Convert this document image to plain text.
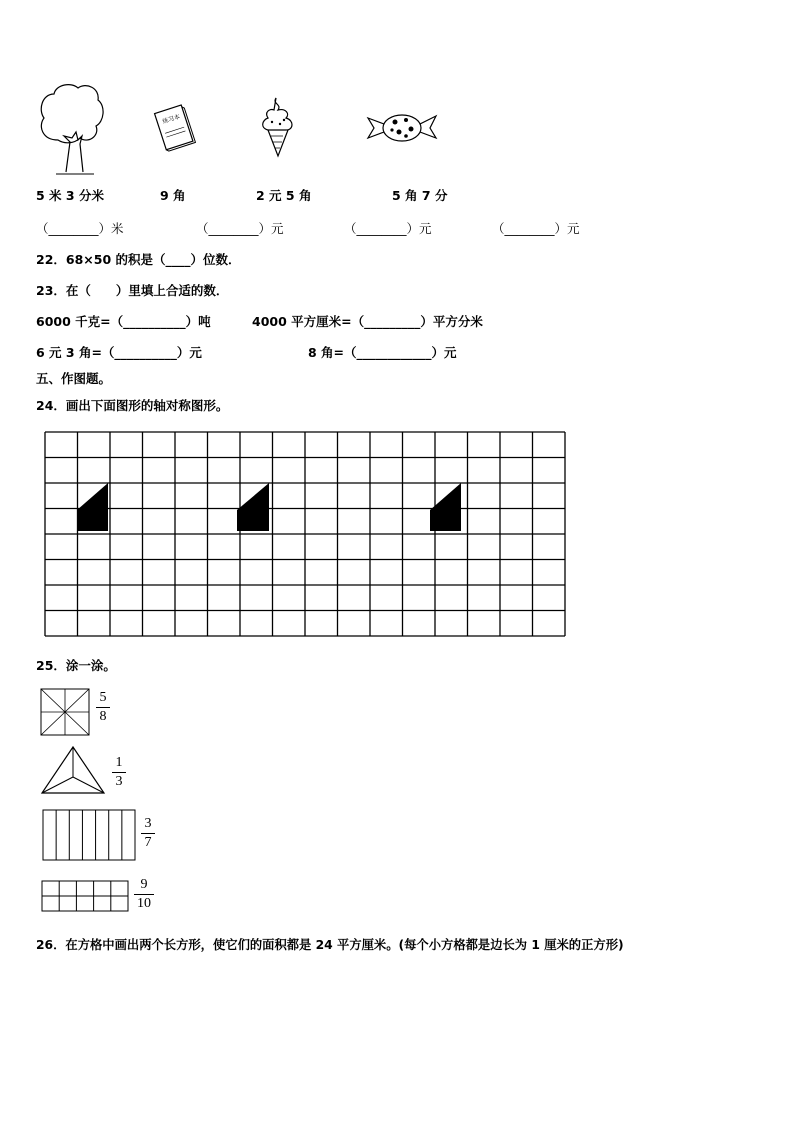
练习本
5 米 3 分米	9 角	2 元 5 角	5 角 7 分
（________）米	（________）元	（________）元	（________）元
22．68×50 的积是（____）位数．
23．在（　　）里填上合适的数．
6000 千克=（__________）吨	4000 平方厘米=（_________）平方分米
6 元 3 角=（__________）元	8 角=（____________）元
五、作图题。
24．画出下面图形的轴对称图形。
25．涂一涂。
5
8
1
3
3
7
9
10
26．在方格中画出两个长方形，使它们的面积都是 24 平方厘米。(每个小方格都是边长为 1 厘米的正方形)
